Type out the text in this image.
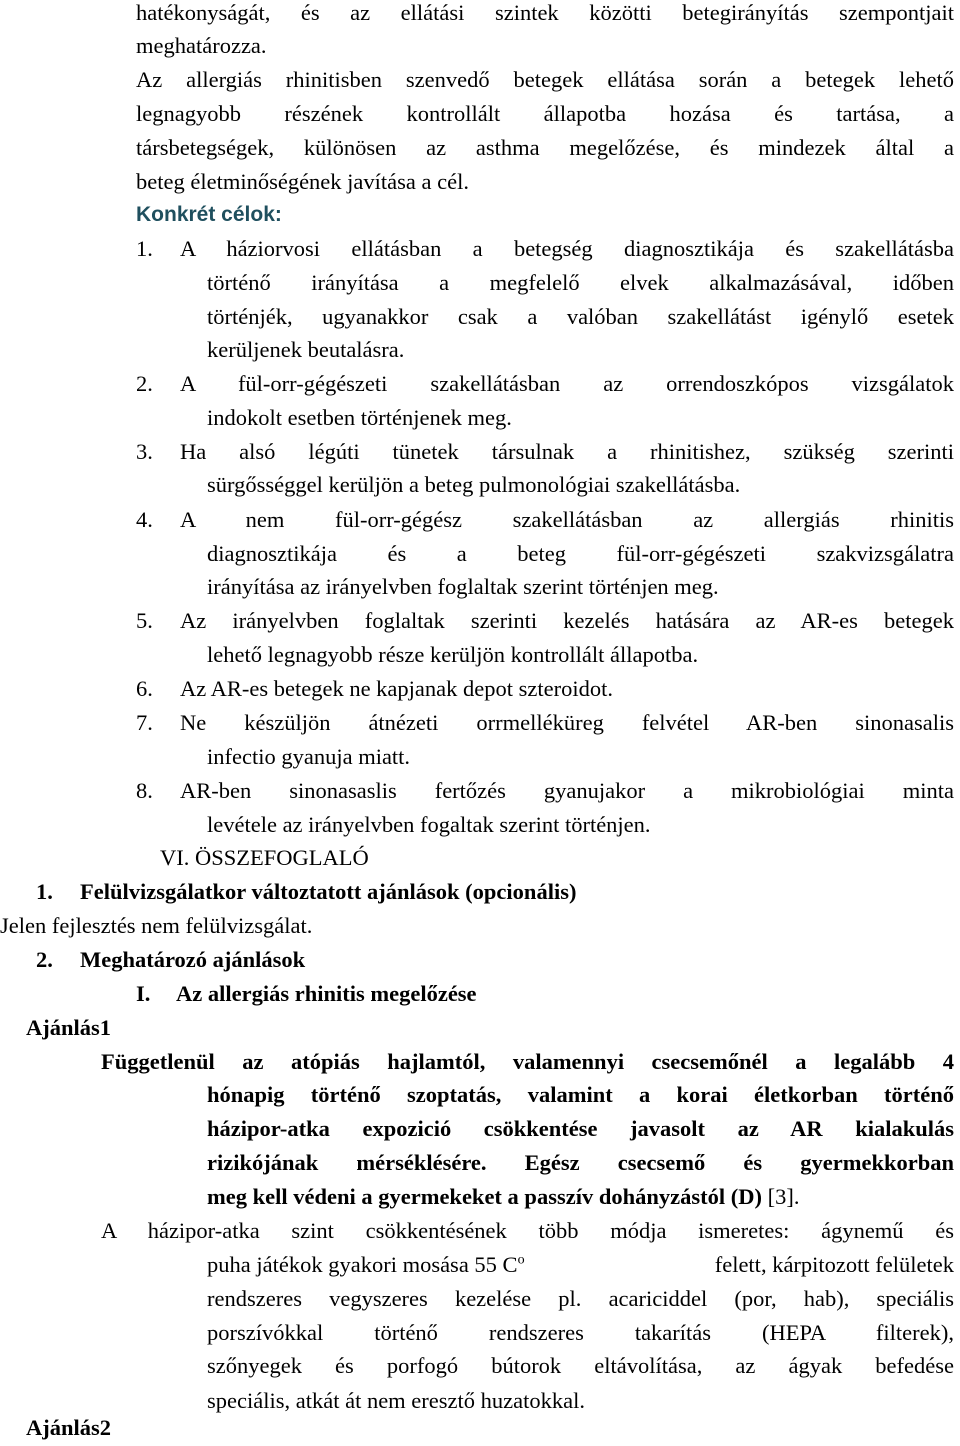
hatékonyságát, és az ellátási szintek közötti betegirányítás szempontjait
meghatározza.
Az allergiás rhinitisben szenvedő betegek ellátása során a betegek lehető
legnagyobb részének kontrollált állapotba hozása és tartása, a
társbetegségek, különösen az asthma megelőzése, és mindezek által a
beteg életminőségének javítása a cél.
Konkrét célok:
1. A háziorvosi ellátásban a betegség diagnosztikája és szakellátásba
történő irányítása a megfelelő elvek alkalmazásával, időben
történjék, ugyanakkor csak a valóban szakellátást igénylő esetek
kerüljenek beutalásra.
2. A fül-orr-gégészeti szakellátásban az orrendoszkópos vizsgálatok
indokolt esetben történjenek meg.
3. Ha alsó légúti tünetek társulnak a rhinitishez, szükség szerinti
sürgősséggel kerüljön a beteg pulmonológiai szakellátásba.
4. A nem fül-orr-gégész szakellátásban az allergiás rhinitis
diagnosztikája és a beteg fül-orr-gégészeti szakvizsgálatra
irányítása az irányelvben foglaltak szerint történjen meg.
5. Az irányelvben foglaltak szerinti kezelés hatására az AR-es betegek
lehető legnagyobb része kerüljön kontrollált állapotba.
6. Az AR-es betegek ne kapjanak depot szteroidot.
7. Ne készüljön átnézeti orrmelléküreg felvétel AR-ben sinonasalis
infectio gyanuja miatt.
8. AR-ben sinonasaslis fertőzés gyanujakor a mikrobiológiai minta
levétele az irányelvben fogaltak szerint történjen.
VI. ÖSSZEFOGLALÓ
1. Felülvizsgálatkor változtatott ajánlások (opcionális)
Jelen fejlesztés nem felülvizsgálat.
2. Meghatározó ajánlások
I. Az allergiás rhinitis megelőzése
Ajánlás1
Függetlenül az atópiás hajlamtól, valamennyi csecsemőnél a legalább 4
hónapig történő szoptatás, valamint a korai életkorban történő
házipor-atka expozició csökkentése javasolt az AR kialakulás
rizikójának mérséklésére. Egész csecsemő és gyermekkorban
meg kell védeni a gyermekeket a passzív dohányzástól (D) [3].
A házipor-atka szint csökkentésének több módja ismeretes: ágynemű és
puha játékok gyakori mosása 55 $C^o$	felett, kárpitozott felületek
rendszeres vegyszeres kezelése pl. acariciddel (por, hab), speciális
porszívókkal történő rendszeres takarítás (HEPA filterek),
szőnyegek és porfogó bútorok eltávolítása, az ágyak befedése
speciális, atkát át nem eresztő huzatokkal.
Ajánlás2
